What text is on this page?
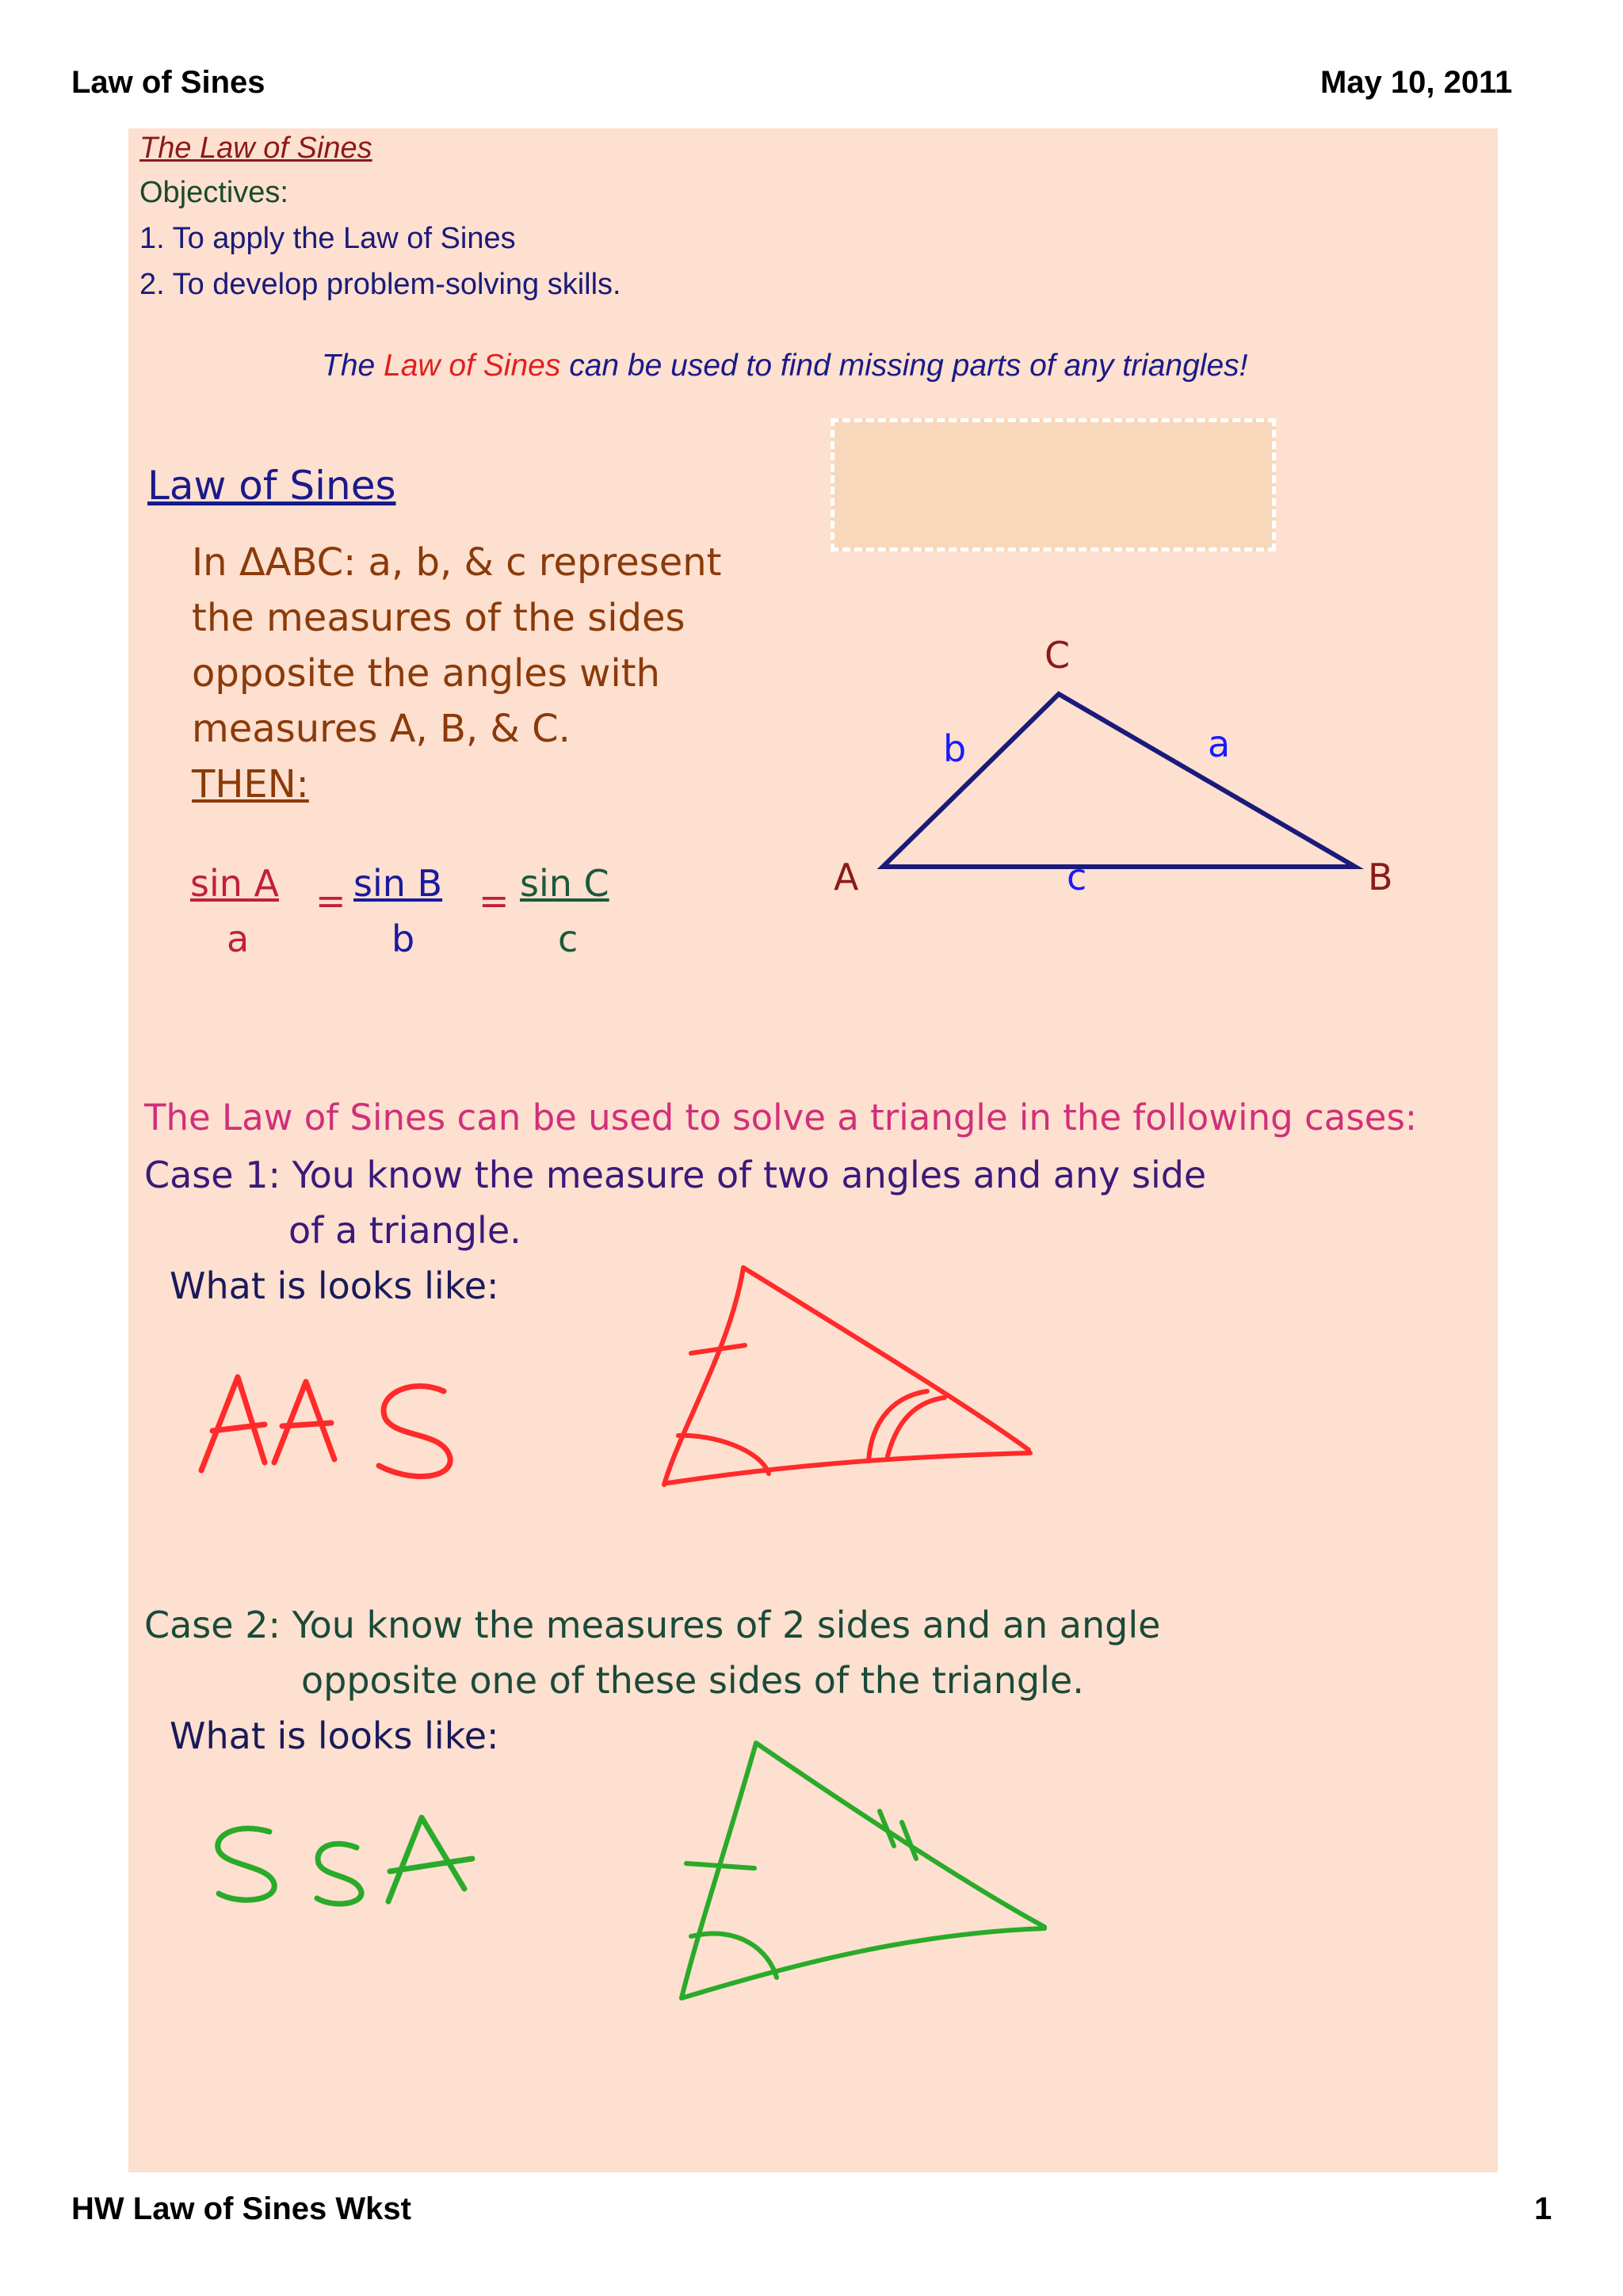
Law of Sines	May 10, 2011
The Law of Sines
Objectives:
1. To apply the Law of Sines
2. To develop problem-solving skills.
The Law of Sines can be used to find missing parts of any triangles!
Law of Sines
In ΔABC: a, b, & c represent
the measures of the sides
opposite the angles with
measures A, B, & C.
THEN:
sin A
a
= sin B
b
= sin C
c
C
b	a
A	c	B
The Law of Sines can be used to solve a triangle in the following cases:
Case 1: You know the measure of two angles and any side
of a triangle.
What is looks like:
Case 2: You know the measures of 2 sides and an angle
opposite one of these sides of the triangle.
What is looks like:
HW Law of Sines Wkst	1
